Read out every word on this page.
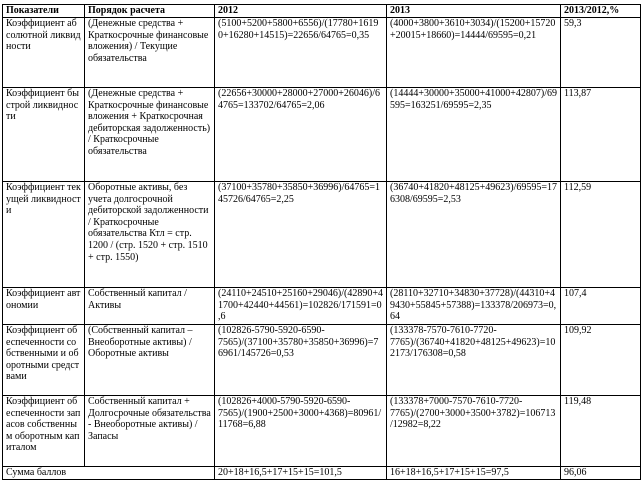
Показатели	Порядок расчета	2012	2013	2013/2012,%
Коэффициент абсолютной ликвидности	(Денежные средства + Краткосрочные финансовые вложения) / Текущие обязательства	(5100+5200+5800+6556)/(17780+16190+16280+14515)=22656/64765=0,35	(4000+3800+3610+3034)/(15200+15720+20015+18660)=14444/69595=0,21	59,3
Коэффициент быстрой ликвидности	(Денежные средства + Краткосрочные финансовые вложения + Краткосрочная дебиторская задолженность) / Краткосрочные обязательства	(22656+30000+28000+27000+26046)/64765=133702/64765=2,06	(14444+30000+35000+41000+42807)/69595=163251/69595=2,35	113,87
Коэффициент текущей ликвидности	Оборотные активы, без учета долгосрочной дебиторской задолженности / Краткосрочные обязательства Ктл = стр. 1200 / (стр. 1520 + стр. 1510 + стр. 1550)	(37100+35780+35850+36996)/64765=145726/64765=2,25	(36740+41820+48125+49623)/69595=176308/69595=2,53	112,59
Коэффициент автономии	Собственный капитал / Активы	(24110+24510+25160+29046)/(42890+41700+42440+44561)=102826/171591=0,6	(28110+32710+34830+37728)/(44310+49430+55845+57388)=133378/206973=0,64	107,4
Коэффициент обеспеченности собственными и оборотными средствами	(Собственный капитал – Внеоборотные активы) / Оборотные активы	(102826-5790-5920-6590-7565)/(37100+35780+35850+36996)=76961/145726=0,53	(133378-7570-7610-7720-7765)/(36740+41820+48125+49623)=102173/176308=0,58	109,92
Коэффициент обеспеченности запасов собственным оборотным капиталом	Собственный капитал + Долгосрочные обязательства - Внеоборотные активы) / Запасы	(102826+4000-5790-5920-6590-7565)/(1900+2500+3000+4368)=80961/11768=6,88	(133378+7000-7570-7610-7720-7765)/(2700+3000+3500+3782)=106713/12982=8,22	119,48
Сумма баллов		20+18+16,5+17+15+15=101,5	16+18+16,5+17+15+15=97,5	96,06
